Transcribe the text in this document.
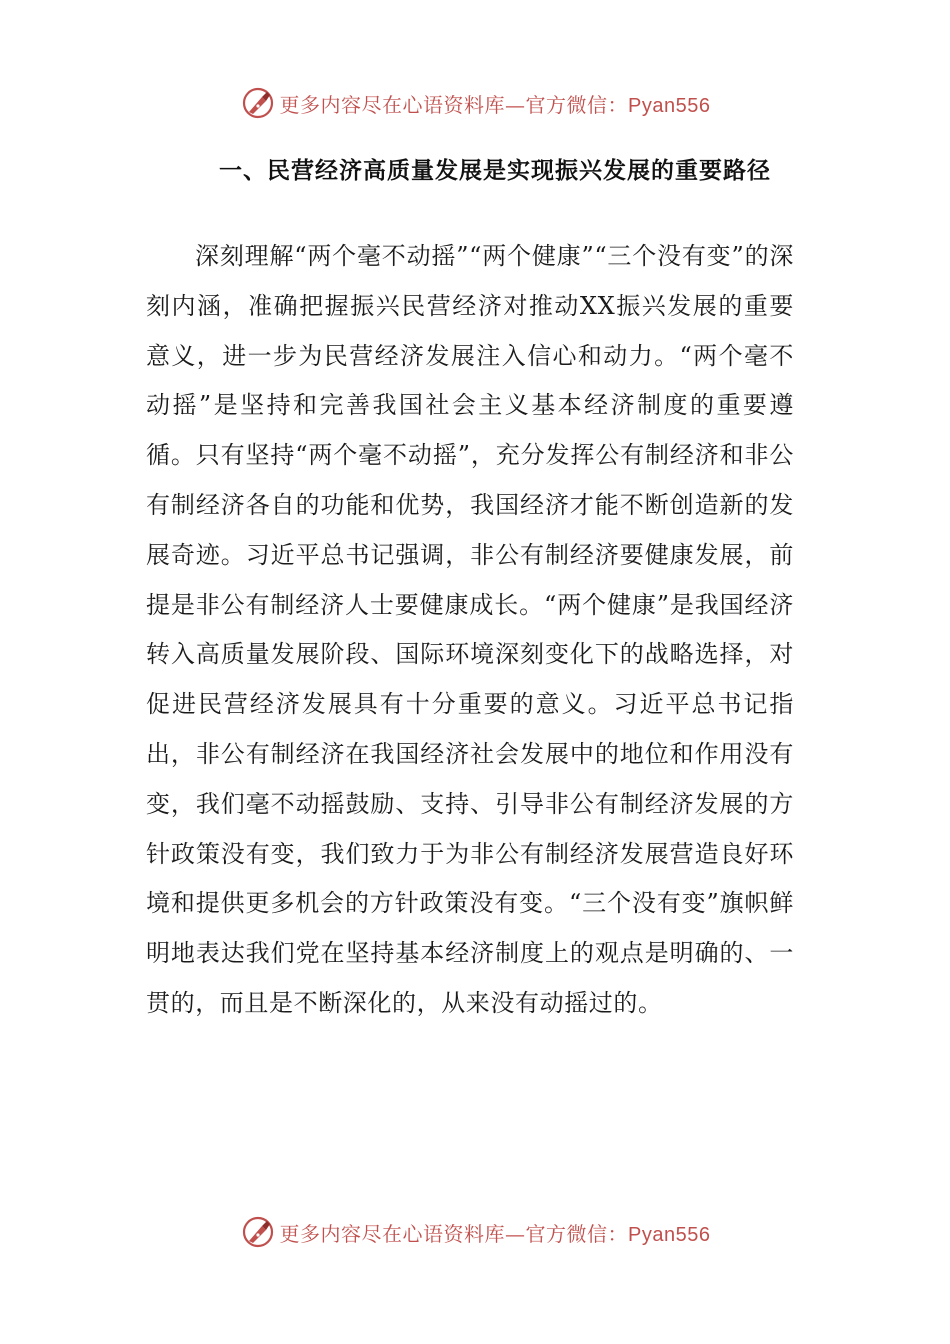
更多内容尽在心语资料库—官方微信：Pyan556
一、民营经济高质量发展是实现振兴发展的重要路径

深刻理解“两个毫不动摇”“两个健康”“三个没有变”的深刻内涵，准确把握振兴民营经济对推动XX振兴发展的重要意义，进一步为民营经济发展注入信心和动力。“两个毫不动摇”是坚持和完善我国社会主义基本经济制度的重要遵循。只有坚持“两个毫不动摇”，充分发挥公有制经济和非公有制经济各自的功能和优势，我国经济才能不断创造新的发展奇迹。习近平总书记强调，非公有制经济要健康发展，前提是非公有制经济人士要健康成长。“两个健康”是我国经济转入高质量发展阶段、国际环境深刻变化下的战略选择，对促进民营经济发展具有十分重要的意义。习近平总书记指出，非公有制经济在我国经济社会发展中的地位和作用没有变，我们毫不动摇鼓励、支持、引导非公有制经济发展的方针政策没有变，我们致力于为非公有制经济发展营造良好环境和提供更多机会的方针政策没有变。“三个没有变”旗帜鲜明地表达我们党在坚持基本经济制度上的观点是明确的、一贯的，而且是不断深化的，从来没有动摇过的。

更多内容尽在心语资料库—官方微信：Pyan556
